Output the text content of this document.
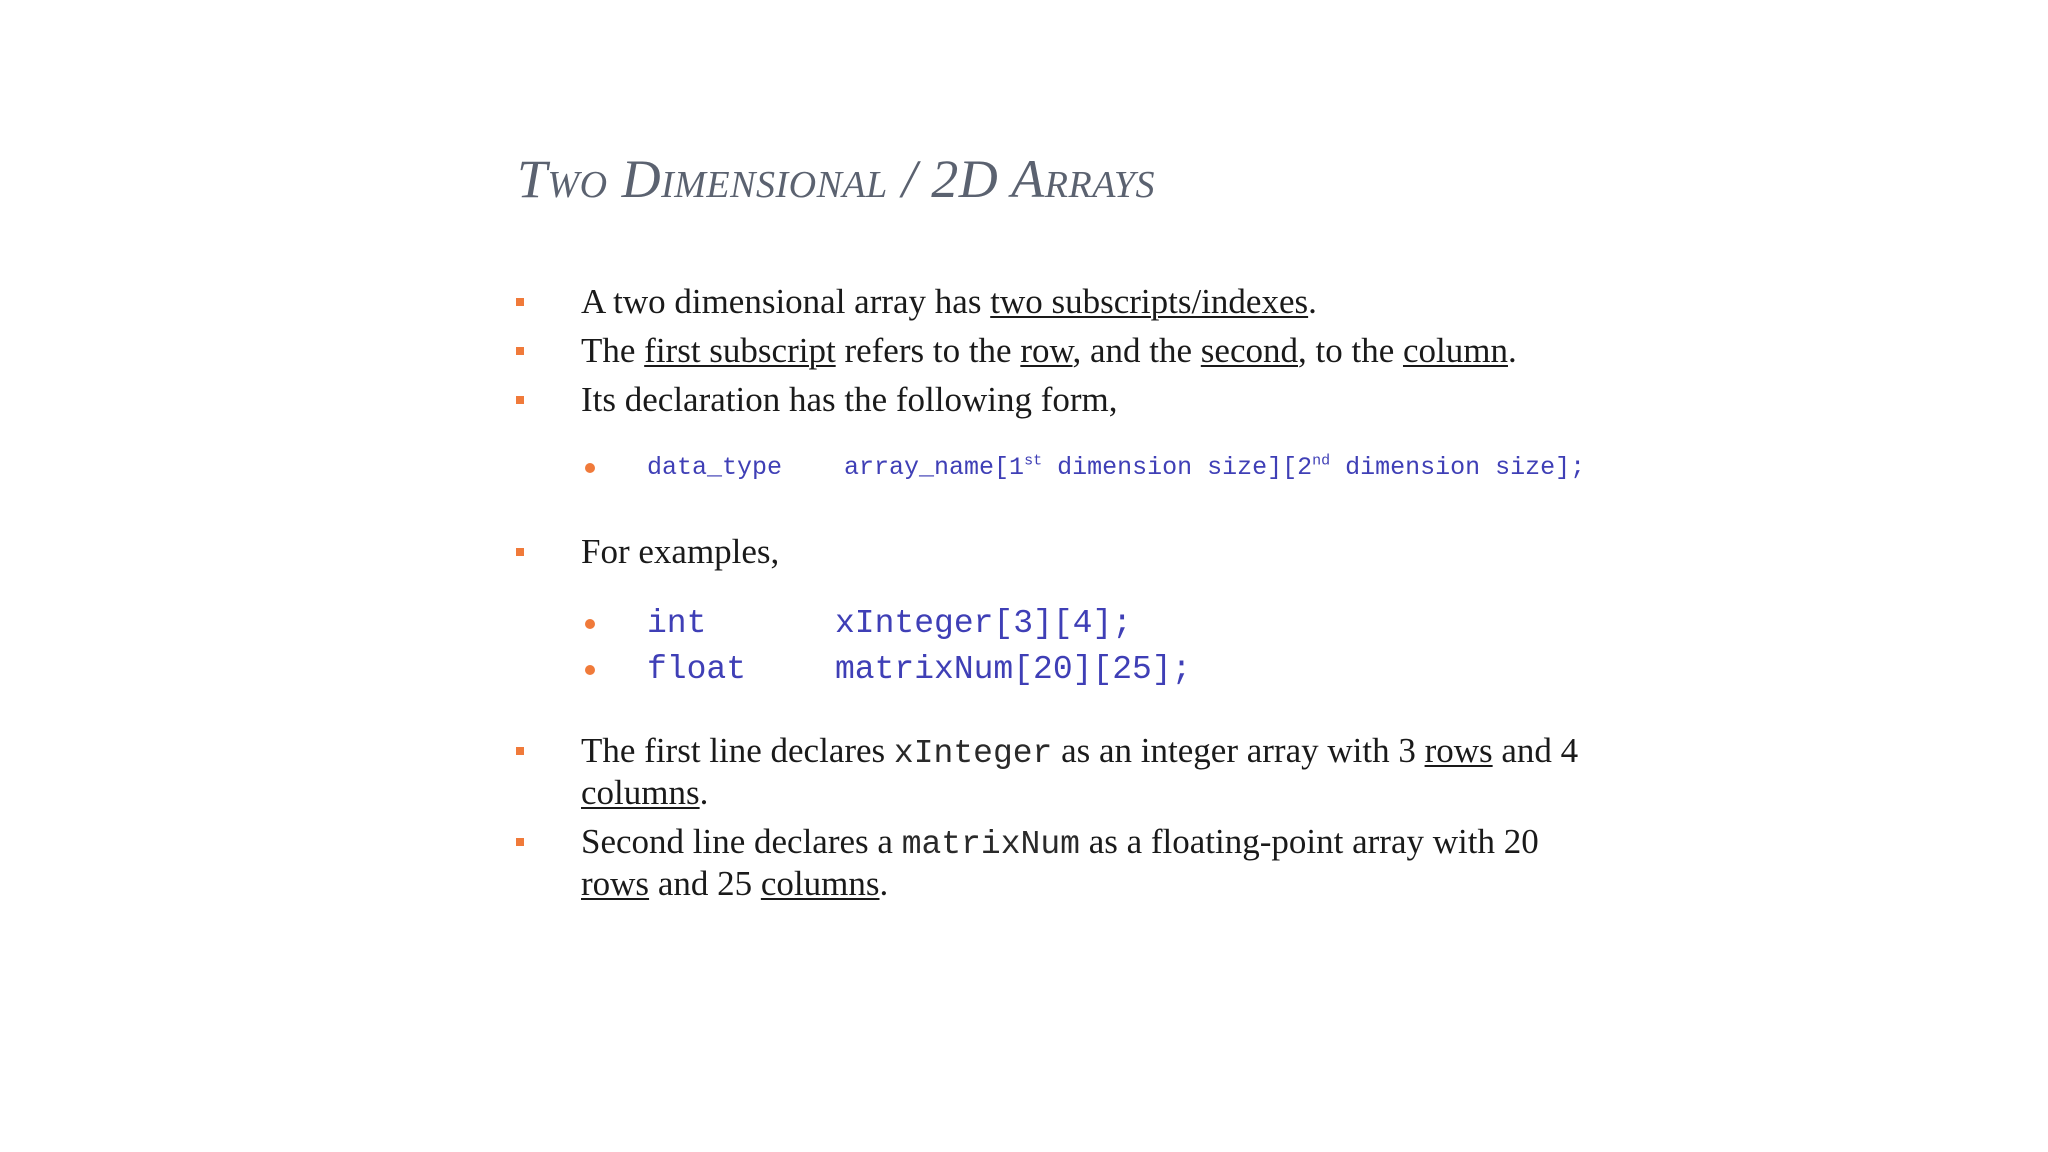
Two Dimensional / 2D Arrays
A two dimensional array has two subscripts/indexes.
The first subscript refers to the row, and the second, to the column.
Its declaration has the following form,
data_type array_name[1st dimension size][2nd dimension size];
For examples,
int	xInteger[3][4];
float	matrixNum[20][25];
The first line declares xInteger as an integer array with 3 rows and 4 columns.
Second line declares a matrixNum as a floating-point array with 20 rows and 25 columns.
